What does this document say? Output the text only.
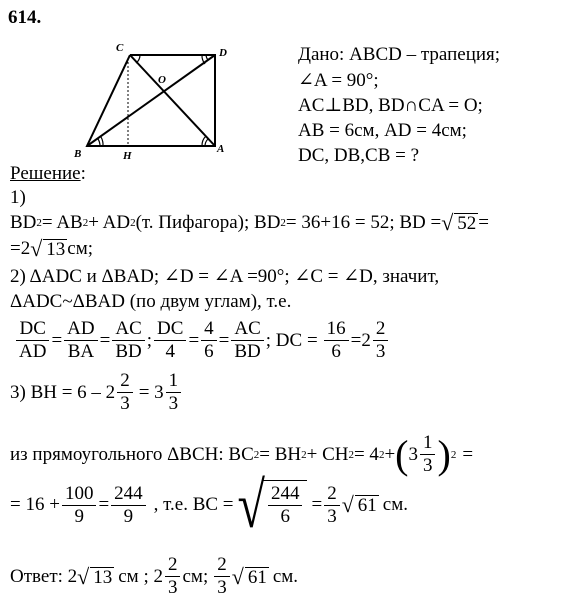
614.
C	D
O
B	H
A
Дано: ABCD – трапеция;
∠A = 90°;
AC⊥BD, BD∩CA = O;
AB = 6см, AD = 4см;
DC, DB,CB = ?
Решение:
1)
BD 2 = AB 2 + AD 2 (т. Пифагора); BD 2 = 36+16 = 52; BD = √ 52 =
=2 √ 13 см;
2) ΔADC и ΔBAD; ∠D = ∠A =90°; ∠C = ∠D, значит,
ΔADC~ΔBAD (по двум углам), т.е.
$\frac{DC}{AD} = \frac{AD}{BA} = \frac{AC}{BD}$ ; $\frac{DC}{4} = \frac{4}{6} = \frac{AC}{BD}$ ; DC = $\frac{16}{6} = 2 \frac{2}{3}$
3) BH = $6 - 2 \frac{2}{3} = 3 \frac{1}{3}$
из прямоугольного ΔBCH: BC 2 = BH 2 + CH 2 = 4 2 + ( $3 \frac{1}{3}$ ) 2 =
= $16 + \frac{100}{9} = \frac{244}{9}$ , т.е. BC = √ $\frac{244}{6} = \frac{2}{3}$ √ 61 см.
Ответ: 2 √ 13 см ; $2 \frac{2}{3}$ см; $\frac{2}{3}$ √ 61 см.
